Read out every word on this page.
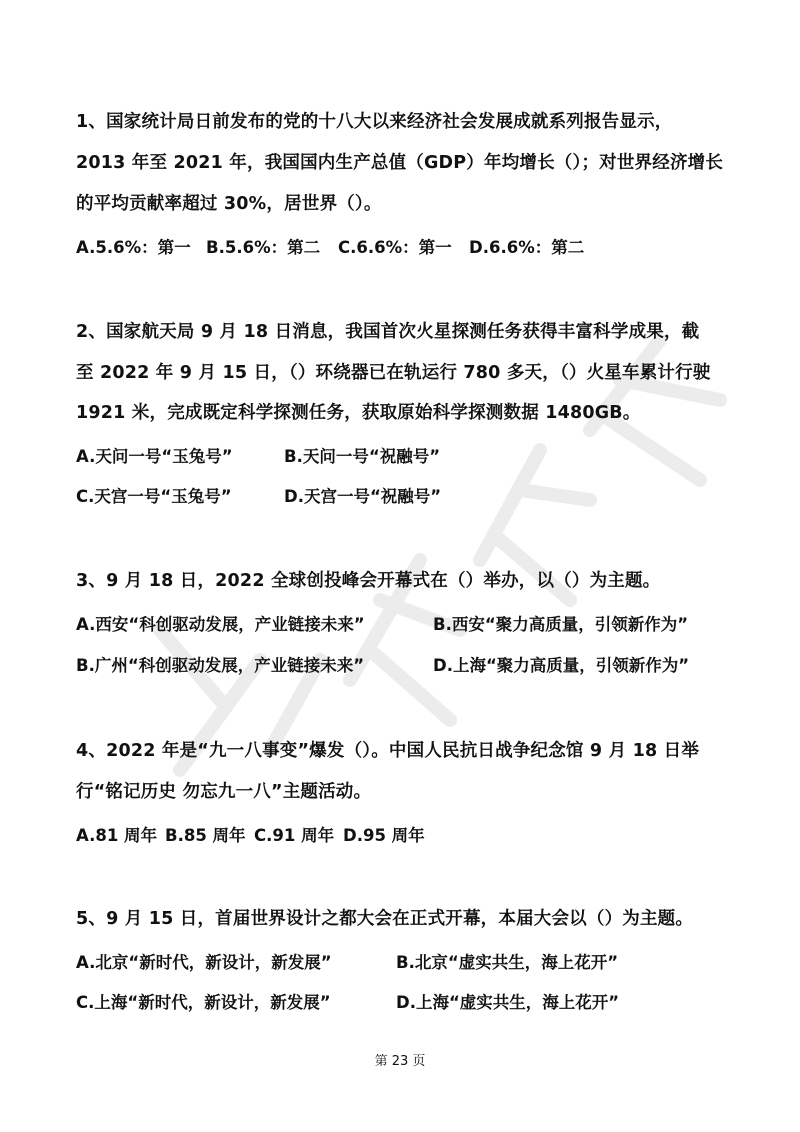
1、国家统计局日前发布的党的十八大以来经济社会发展成就系列报告显示，
2013 年至 2021 年，我国国内生产总值（GDP）年均增长（）；对世界经济增长
的平均贡献率超过 30%，居世界（）。
A.5.6%：第一 B.5.6%：第二 C.6.6%：第一 D.6.6%：第二
2、国家航天局 9 月 18 日消息，我国首次火星探测任务获得丰富科学成果，截
至 2022 年 9 月 15 日，（）环绕器已在轨运行 780 多天，（）火星车累计行驶
1921 米，完成既定科学探测任务，获取原始科学探测数据 1480GB。
A.天问一号“玉兔号”	B.天问一号“祝融号”
C.天宫一号“玉兔号”	D.天宫一号“祝融号”
3、9 月 18 日，2022 全球创投峰会开幕式在（）举办，以（）为主题。
A.西安“科创驱动发展，产业链接未来”	B.西安“聚力高质量，引领新作为”
B.广州“科创驱动发展，产业链接未来”	D.上海“聚力高质量，引领新作为”
4、2022 年是“九一八事变”爆发（）。中国人民抗日战争纪念馆 9 月 18 日举
行“铭记历史 勿忘九一八”主题活动。
A.81 周年 B.85 周年 C.91 周年 D.95 周年
5、9 月 15 日，首届世界设计之都大会在正式开幕，本届大会以（）为主题。
A.北京“新时代，新设计，新发展”	B.北京“虚实共生，海上花开”
C.上海“新时代，新设计，新发展”	D.上海“虚实共生，海上花开”
第 23 页
